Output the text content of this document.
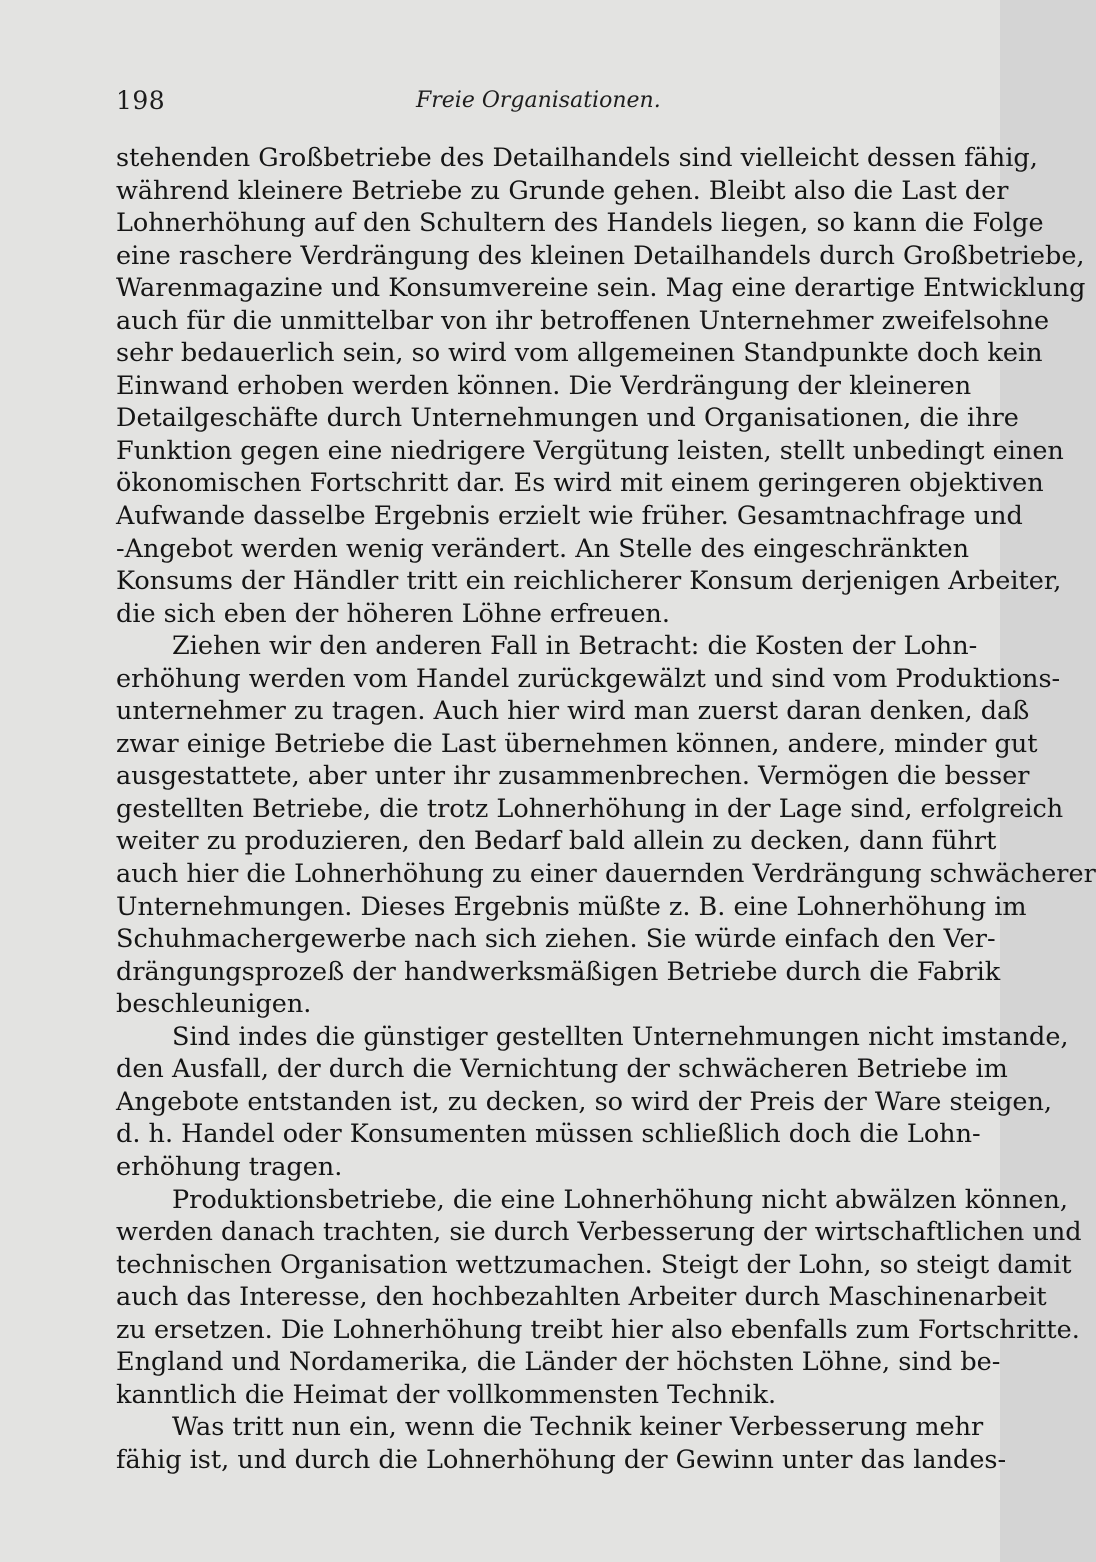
198	Freie Organisationen.
stehenden Großbetriebe des Detailhandels sind vielleicht dessen fähig,
während kleinere Betriebe zu Grunde gehen. Bleibt also die Last der
Lohnerhöhung auf den Schultern des Handels liegen, so kann die Folge
eine raschere Verdrängung des kleinen Detailhandels durch Großbetriebe,
Warenmagazine und Konsumvereine sein. Mag eine derartige Entwicklung
auch für die unmittelbar von ihr betroffenen Unternehmer zweifelsohne
sehr bedauerlich sein, so wird vom allgemeinen Standpunkte doch kein
Einwand erhoben werden können. Die Verdrängung der kleineren
Detailgeschäfte durch Unternehmungen und Organisationen, die ihre
Funktion gegen eine niedrigere Vergütung leisten, stellt unbedingt einen
ökonomischen Fortschritt dar. Es wird mit einem geringeren objektiven
Aufwande dasselbe Ergebnis erzielt wie früher. Gesamtnachfrage und
-Angebot werden wenig verändert. An Stelle des eingeschränkten
Konsums der Händler tritt ein reichlicherer Konsum derjenigen Arbeiter,
die sich eben der höheren Löhne erfreuen.
Ziehen wir den anderen Fall in Betracht: die Kosten der Lohn-
erhöhung werden vom Handel zurückgewälzt und sind vom Produktions-
unternehmer zu tragen. Auch hier wird man zuerst daran denken, daß
zwar einige Betriebe die Last übernehmen können, andere, minder gut
ausgestattete, aber unter ihr zusammenbrechen. Vermögen die besser
gestellten Betriebe, die trotz Lohnerhöhung in der Lage sind, erfolgreich
weiter zu produzieren, den Bedarf bald allein zu decken, dann führt
auch hier die Lohnerhöhung zu einer dauernden Verdrängung schwächerer
Unternehmungen. Dieses Ergebnis müßte z. B. eine Lohnerhöhung im
Schuhmachergewerbe nach sich ziehen. Sie würde einfach den Ver-
drängungsprozeß der handwerksmäßigen Betriebe durch die Fabrik
beschleunigen.
Sind indes die günstiger gestellten Unternehmungen nicht imstande,
den Ausfall, der durch die Vernichtung der schwächeren Betriebe im
Angebote entstanden ist, zu decken, so wird der Preis der Ware steigen,
d. h. Handel oder Konsumenten müssen schließlich doch die Lohn-
erhöhung tragen.
Produktionsbetriebe, die eine Lohnerhöhung nicht abwälzen können,
werden danach trachten, sie durch Verbesserung der wirtschaftlichen und
technischen Organisation wettzumachen. Steigt der Lohn, so steigt damit
auch das Interesse, den hochbezahlten Arbeiter durch Maschinenarbeit
zu ersetzen. Die Lohnerhöhung treibt hier also ebenfalls zum Fortschritte.
England und Nordamerika, die Länder der höchsten Löhne, sind be-
kanntlich die Heimat der vollkommensten Technik.
Was tritt nun ein, wenn die Technik keiner Verbesserung mehr
fähig ist, und durch die Lohnerhöhung der Gewinn unter das landes-
